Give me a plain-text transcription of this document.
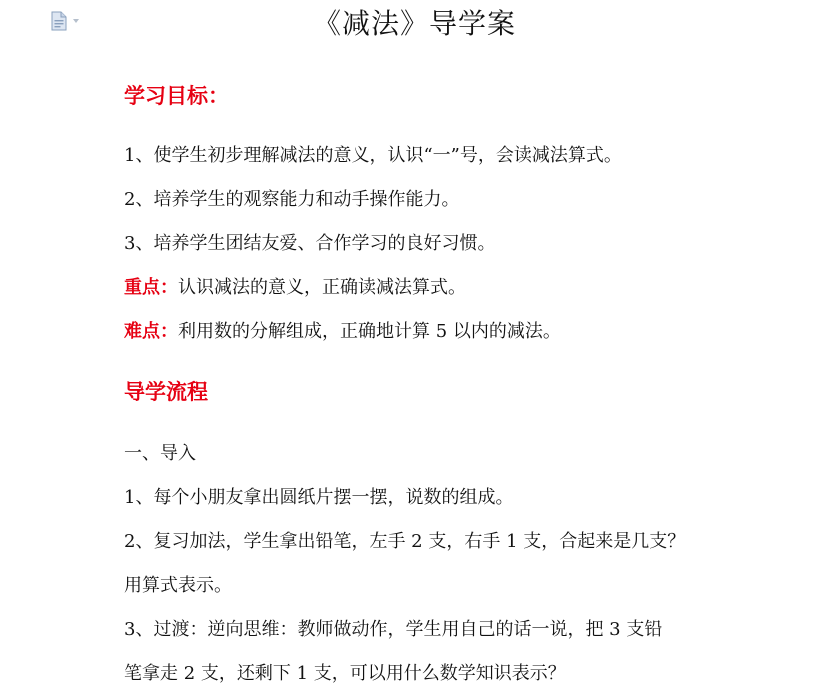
《减法》导学案
学习目标：
1、使学生初步理解减法的意义，认识“一”号，会读减法算式。
2、培养学生的观察能力和动手操作能力。
3、培养学生团结友爱、合作学习的良好习惯。
重点：认识减法的意义，正确读减法算式。
难点：利用数的分解组成，正确地计算 5 以内的减法。
导学流程
一、导入
1、每个小朋友拿出圆纸片摆一摆，说数的组成。
2、复习加法，学生拿出铅笔，左手 2 支，右手 1 支，合起来是几支？
用算式表示。
3、过渡：逆向思维：教师做动作，学生用自己的话一说，把 3 支铅
笔拿走 2 支，还剩下 1 支，可以用什么数学知识表示？
